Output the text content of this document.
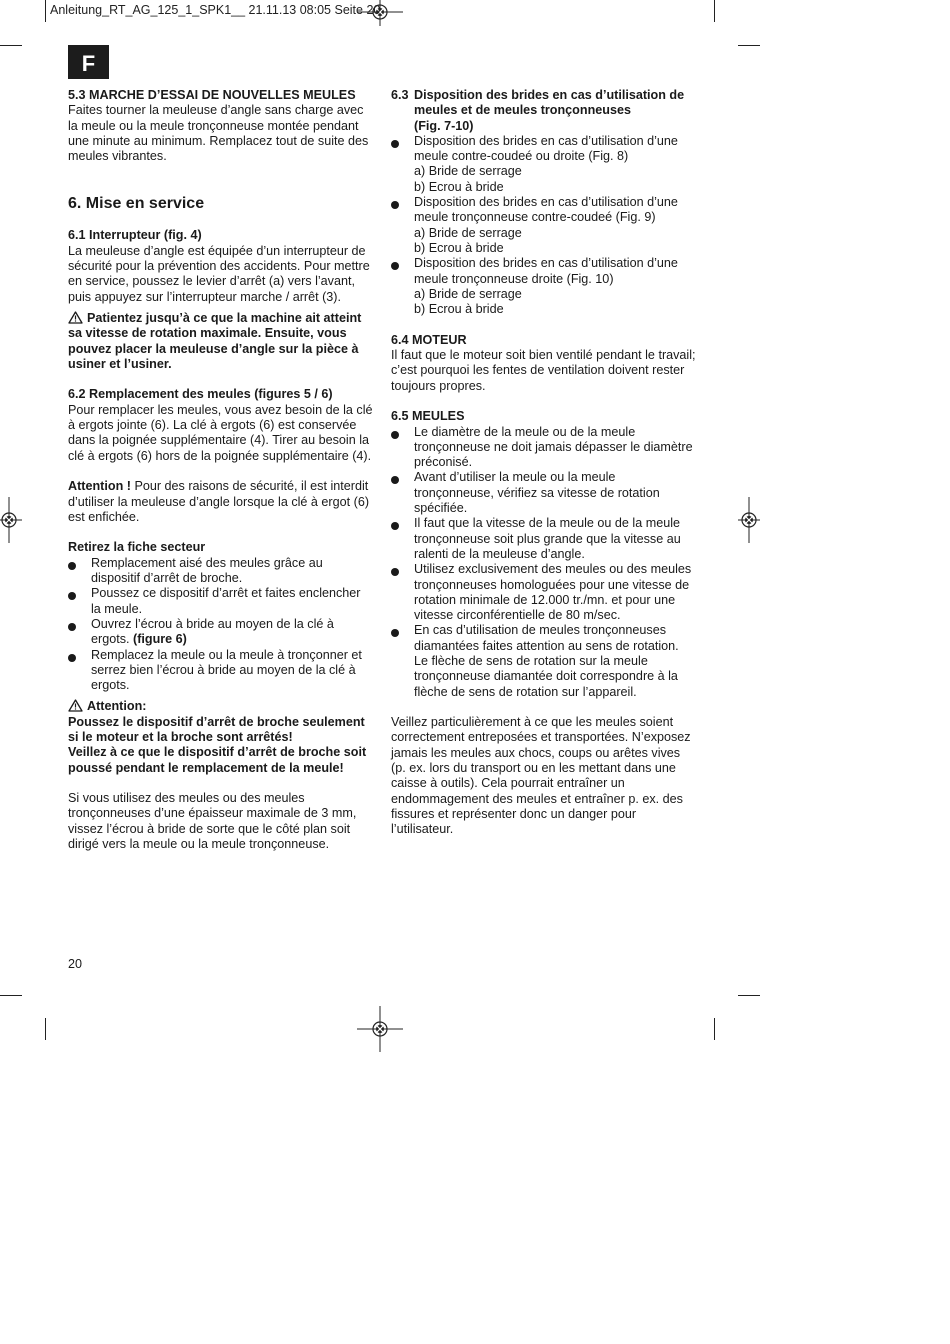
Anleitung_RT_AG_125_1_SPK1__ 21.11.13 08:05 Seite 20
F

5.3 MARCHE D’ESSAI DE NOUVELLES MEULES

Faites tourner la meuleuse d’angle sans charge avec la meule ou la meule tronçonneuse montée pendant une minute au minimum. Remplacez tout de suite des meules vibrantes.

6. Mise en service

6.1 Interrupteur (fig. 4)

La meuleuse d’angle est équipée d’un interrupteur de sécurité pour la prévention des accidents. Pour mettre en service, poussez le levier d’arrêt (a) vers l’avant, puis appuyez sur l’interrupteur marche / arrêt (3).

Patientez jusqu’à ce que la machine ait atteint sa vitesse de rotation maximale. Ensuite, vous pouvez placer la meuleuse d’angle sur la pièce à usiner et l’usiner.

6.2 Remplacement des meules (figures 5 / 6)

Pour remplacer les meules, vous avez besoin de la clé à ergots jointe (6). La clé à ergots (6) est conservée dans la poignée supplémentaire (4). Tirer au besoin la clé à ergots (6) hors de la poignée supplémentaire (4).

Attention ! Pour des raisons de sécurité, il est interdit d’utiliser la meuleuse d’angle lorsque la clé à ergot (6) est enfichée.

Retirez la fiche secteur

Remplacement aisé des meules grâce au dispositif d’arrêt de broche.
Poussez ce dispositif d’arrêt et faites enclencher la meule.
Ouvrez l’écrou à bride au moyen de la clé à ergots. (figure 6)
Remplacez la meule ou la meule à tronçonner et serrez bien l’écrou à bride au moyen de la clé à ergots.

Attention:

Poussez le dispositif d’arrêt de broche seulement si le moteur et la broche sont arrêtés!

Veillez à ce que le dispositif d’arrêt de broche soit poussé pendant le remplacement de la meule!

Si vous utilisez des meules ou des meules tronçonneuses d’une épaisseur maximale de 3 mm, vissez l’écrou à bride de sorte que le côté plan soit dirigé vers la meule ou la meule tronçonneuse.

6.3 Disposition des brides en cas d’utilisation de meules et de meules tronçonneuses
(Fig. 7-10)
Disposition des brides en cas d’utilisation d’une meule contre-coudeé ou droite (Fig. 8)
a) Bride de serrage
b) Ecrou à bride
Disposition des brides en cas d’utilisation d’une meule tronçonneuse contre-coudeé (Fig. 9)
a) Bride de serrage
b) Ecrou à bride
Disposition des brides en cas d’utilisation d’une meule tronçonneuse droite (Fig. 10)
a) Bride de serrage
b) Ecrou à bride

6.4 MOTEUR

Il faut que le moteur soit bien ventilé pendant le travail; c’est pourquoi les fentes de ventilation doivent rester toujours propres.

6.5 MEULES

Le diamètre de la meule ou de la meule tronçonneuse ne doit jamais dépasser le diamètre préconisé.
Avant d’utiliser la meule ou la meule tronçonneuse, vérifiez sa vitesse de rotation spécifiée.
Il faut que la vitesse de la meule ou de la meule tronçonneuse soit plus grande que la vitesse au ralenti de la meuleuse d’angle.
Utilisez exclusivement des meules ou des meules tronçonneuses homologuées pour une vitesse de rotation minimale de 12.000 tr./mn. et pour une vitesse circonférentielle de 80 m/sec.
En cas d’utilisation de meules tronçonneuses diamantées faites attention au sens de rotation. Le flèche de sens de rotation sur la meule tronçonneuse diamantée doit correspondre à la flèche de sens de rotation sur l’appareil.

Veillez particulièrement à ce que les meules soient correctement entreposées et transportées. N’exposez jamais les meules aux chocs, coups ou arêtes vives (p. ex. lors du transport ou en les mettant dans une caisse à outils). Cela pourrait entraîner un endommagement des meules et entraîner p. ex. des fissures et représenter donc un danger pour l’utilisateur.

20
